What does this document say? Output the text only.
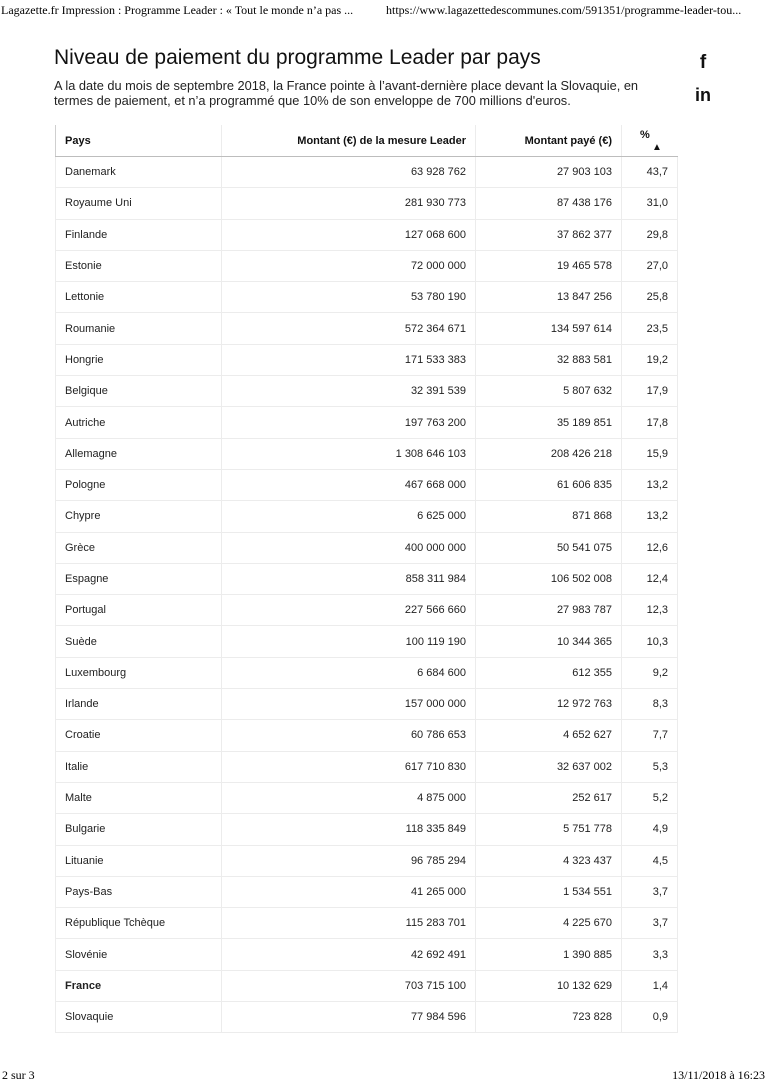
Lagazette.fr Impression : Programme Leader : « Tout le monde n’a pas ...	https://www.lagazettedescommunes.com/591351/programme-leader-tou...
f
in
Niveau de paiement du programme Leader par pays

A la date du mois de septembre 2018, la France pointe à l’avant-dernière place devant la Slovaquie, en termes de paiement, et n’a programmé que 10% de son enveloppe de 700 millions d'euros.

Pays	Montant (€) de la mesure Leader	Montant payé (€)	%▲
Danemark	63 928 762	27 903 103	43,7
Royaume Uni	281 930 773	87 438 176	31,0
Finlande	127 068 600	37 862 377	29,8
Estonie	72 000 000	19 465 578	27,0
Lettonie	53 780 190	13 847 256	25,8
Roumanie	572 364 671	134 597 614	23,5
Hongrie	171 533 383	32 883 581	19,2
Belgique	32 391 539	5 807 632	17,9
Autriche	197 763 200	35 189 851	17,8
Allemagne	1 308 646 103	208 426 218	15,9
Pologne	467 668 000	61 606 835	13,2
Chypre	6 625 000	871 868	13,2
Grèce	400 000 000	50 541 075	12,6
Espagne	858 311 984	106 502 008	12,4
Portugal	227 566 660	27 983 787	12,3
Suède	100 119 190	10 344 365	10,3
Luxembourg	6 684 600	612 355	9,2
Irlande	157 000 000	12 972 763	8,3
Croatie	60 786 653	4 652 627	7,7
Italie	617 710 830	32 637 002	5,3
Malte	4 875 000	252 617	5,2
Bulgarie	118 335 849	5 751 778	4,9
Lituanie	96 785 294	4 323 437	4,5
Pays-Bas	41 265 000	1 534 551	3,7
République Tchèque	115 283 701	4 225 670	3,7
Slovénie	42 692 491	1 390 885	3,3
France	703 715 100	10 132 629	1,4
Slovaquie	77 984 596	723 828	0,9
2 sur 3	13/11/2018 à 16:23
